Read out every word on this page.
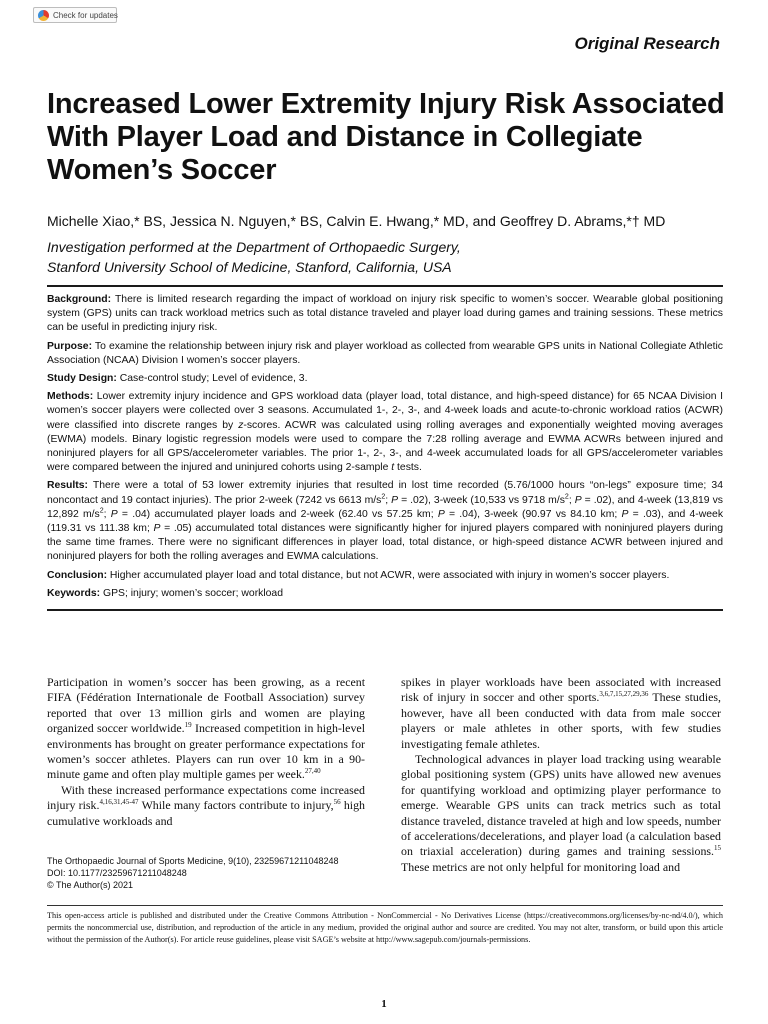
Check for updates
Original Research
Increased Lower Extremity Injury Risk Associated With Player Load and Distance in Collegiate Women’s Soccer
Michelle Xiao,* BS, Jessica N. Nguyen,* BS, Calvin E. Hwang,* MD, and Geoffrey D. Abrams,*† MD
Investigation performed at the Department of Orthopaedic Surgery,
Stanford University School of Medicine, Stanford, California, USA

Background: There is limited research regarding the impact of workload on injury risk specific to women’s soccer. Wearable global positioning system (GPS) units can track workload metrics such as total distance traveled and player load during games and training sessions. These metrics can be useful in predicting injury risk.

Purpose: To examine the relationship between injury risk and player workload as collected from wearable GPS units in National Collegiate Athletic Association (NCAA) Division I women’s soccer players.

Study Design: Case-control study; Level of evidence, 3.

Methods: Lower extremity injury incidence and GPS workload data (player load, total distance, and high-speed distance) for 65 NCAA Division I women’s soccer players were collected over 3 seasons. Accumulated 1-, 2-, 3-, and 4-week loads and acute-to-chronic workload ratios (ACWR) were classified into discrete ranges by z-scores. ACWR was calculated using rolling averages and exponentially weighted moving averages (EWMA) models. Binary logistic regression models were used to compare the 7:28 rolling average and EWMA ACWRs between injured and noninjured players for all GPS/accelerometer variables. The prior 1-, 2-, 3-, and 4-week accumulated loads for all GPS/accelerometer variables were compared between the injured and uninjured cohorts using 2-sample t tests.

Results: There were a total of 53 lower extremity injuries that resulted in lost time recorded (5.76/1000 hours “on-legs” exposure time; 34 noncontact and 19 contact injuries). The prior 2-week (7242 vs 6613 $m/s^2$; P = .02), 3-week (10,533 vs 9718 $m/s^2$; P = .02), and 4-week (13,819 vs 12,892 $m/s^2$; P = .04) accumulated player loads and 2-week (62.40 vs 57.25 km; P = .04), 3-week (90.97 vs 84.10 km; P = .03), and 4-week (119.31 vs 111.38 km; P = .05) accumulated total distances were significantly higher for injured players compared with noninjured players during the same time frames. There were no significant differences in player load, total distance, or high-speed distance ACWR between injured and noninjured players for both the rolling averages and EWMA calculations.

Conclusion: Higher accumulated player load and total distance, but not ACWR, were associated with injury in women’s soccer players.

Keywords: GPS; injury; women’s soccer; workload

Participation in women’s soccer has been growing, as a recent FIFA (Fédération Internationale de Football Association) survey reported that over 13 million girls and women are playing organized soccer worldwide.$^{19}$ Increased competition in high-level environments has brought on greater performance expectations for women’s soccer athletes. Players can run over 10 km in a 90-minute game and often play multiple games per week.$^{27,40}$

With these increased performance expectations come increased injury risk.$^{4,16,31,45-47}$ While many factors contribute to injury,$^{56}$ high cumulative workloads and

spikes in player workloads have been associated with increased risk of injury in soccer and other sports.$^{3,6,7,15,27,29,36}$ These studies, however, have all been conducted with data from male soccer players or male athletes in other sports, with few studies investigating female athletes.

Technological advances in player load tracking using wearable global positioning system (GPS) units have allowed new avenues for quantifying workload and optimizing player performance to emerge. Wearable GPS units can track metrics such as total distance traveled, distance traveled at high and low speeds, number of accelerations/decelerations, and player load (a calculation based on triaxial acceleration) during games and training sessions.$^{15}$ These metrics are not only helpful for monitoring load and

The Orthopaedic Journal of Sports Medicine, 9(10), 23259671211048248
DOI: 10.1177/23259671211048248
© The Author(s) 2021
This open-access article is published and distributed under the Creative Commons Attribution - NonCommercial - No Derivatives License (https://creativecommons.org/licenses/by-nc-nd/4.0/), which permits the noncommercial use, distribution, and reproduction of the article in any medium, provided the original author and source are credited. You may not alter, transform, or build upon this article without the permission of the Author(s). For article reuse guidelines, please visit SAGE’s website at http://www.sagepub.com/journals-permissions.
1
